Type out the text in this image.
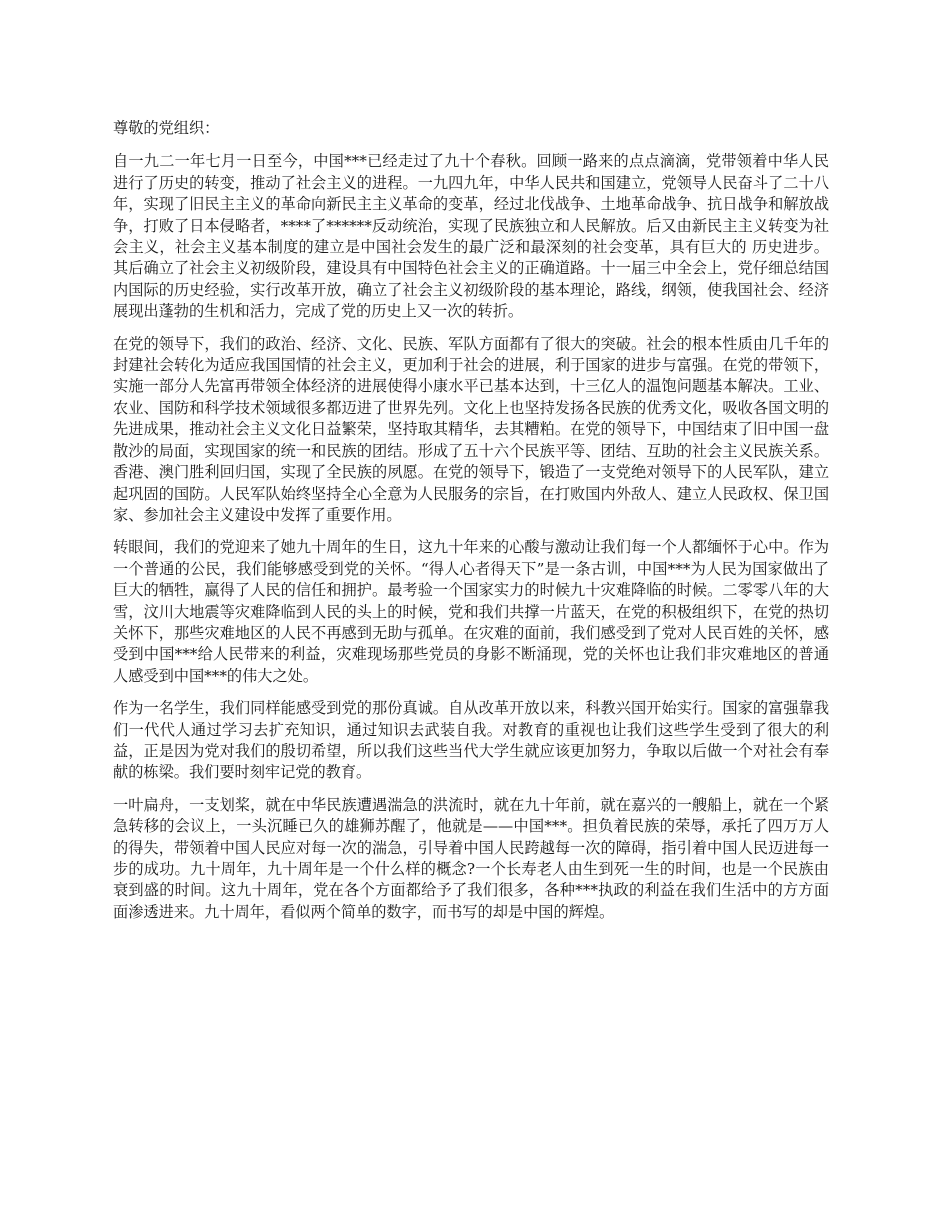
尊敬的党组织：

自一九二一年七月一日至今，中国***已经走过了九十个春秋。回顾一路来的点点滴滴，党带领着中华人民进行了历史的转变，推动了社会主义的进程。一九四九年，中华人民共和国建立，党领导人民奋斗了二十八年，实现了旧民主主义的革命向新民主主义革命的变革，经过北伐战争、土地革命战争、抗日战争和解放战争，打败了日本侵略者，****了******反动统治，实现了民族独立和人民解放。后又由新民主主义转变为社会主义，社会主义基本制度的建立是中国社会发生的最广泛和最深刻的社会变革，具有巨大的 历史进步。其后确立了社会主义初级阶段，建设具有中国特色社会主义的正确道路。十一届三中全会上，党仔细总结国内国际的历史经验，实行改革开放，确立了社会主义初级阶段的基本理论，路线，纲领，使我国社会、经济展现出蓬勃的生机和活力，完成了党的历史上又一次的转折。

在党的领导下，我们的政治、经济、文化、民族、军队方面都有了很大的突破。社会的根本性质由几千年的封建社会转化为适应我国国情的社会主义，更加利于社会的进展，利于国家的进步与富强。在党的带领下，实施一部分人先富再带领全体经济的进展使得小康水平已基本达到，十三亿人的温饱问题基本解决。工业、农业、国防和科学技术领域很多都迈进了世界先列。文化上也坚持发扬各民族的优秀文化，吸收各国文明的先进成果，推动社会主义文化日益繁荣，坚持取其精华，去其糟粕。在党的领导下，中国结束了旧中国一盘散沙的局面，实现国家的统一和民族的团结。形成了五十六个民族平等、团结、互助的社会主义民族关系。香港、澳门胜利回归国，实现了全民族的夙愿。在党的领导下，锻造了一支党绝对领导下的人民军队，建立起巩固的国防。人民军队始终坚持全心全意为人民服务的宗旨，在打败国内外敌人、建立人民政权、保卫国家、参加社会主义建设中发挥了重要作用。

转眼间，我们的党迎来了她九十周年的生日，这九十年来的心酸与激动让我们每一个人都缅怀于心中。作为一个普通的公民，我们能够感受到党的关怀。“得人心者得天下”是一条古训，中国***为人民为国家做出了巨大的牺牲，赢得了人民的信任和拥护。最考验一个国家实力的时候九十灾难降临的时候。二零零八年的大雪，汶川大地震等灾难降临到人民的头上的时候，党和我们共撑一片蓝天，在党的积极组织下，在党的热切关怀下，那些灾难地区的人民不再感到无助与孤单。在灾难的面前，我们感受到了党对人民百姓的关怀，感受到中国***给人民带来的利益，灾难现场那些党员的身影不断涌现，党的关怀也让我们非灾难地区的普通人感受到中国***的伟大之处。

作为一名学生，我们同样能感受到党的那份真诚。自从改革开放以来，科教兴国开始实行。国家的富强靠我们一代代人通过学习去扩充知识，通过知识去武装自我。对教育的重视也让我们这些学生受到了很大的利益，正是因为党对我们的殷切希望，所以我们这些当代大学生就应该更加努力，争取以后做一个对社会有奉献的栋梁。我们要时刻牢记党的教育。

一叶扁舟，一支划桨，就在中华民族遭遇湍急的洪流时，就在九十年前，就在嘉兴的一艘船上，就在一个紧急转移的会议上，一头沉睡已久的雄狮苏醒了，他就是——中国***。担负着民族的荣辱，承托了四万万人的得失，带领着中国人民应对每一次的湍急，引导着中国人民跨越每一次的障碍，指引着中国人民迈进每一步的成功。九十周年，九十周年是一个什么样的概念?一个长寿老人由生到死一生的时间，也是一个民族由衰到盛的时间。这九十周年，党在各个方面都给予了我们很多，各种***执政的利益在我们生活中的方方面面渗透进来。九十周年，看似两个简单的数字，而书写的却是中国的辉煌。
